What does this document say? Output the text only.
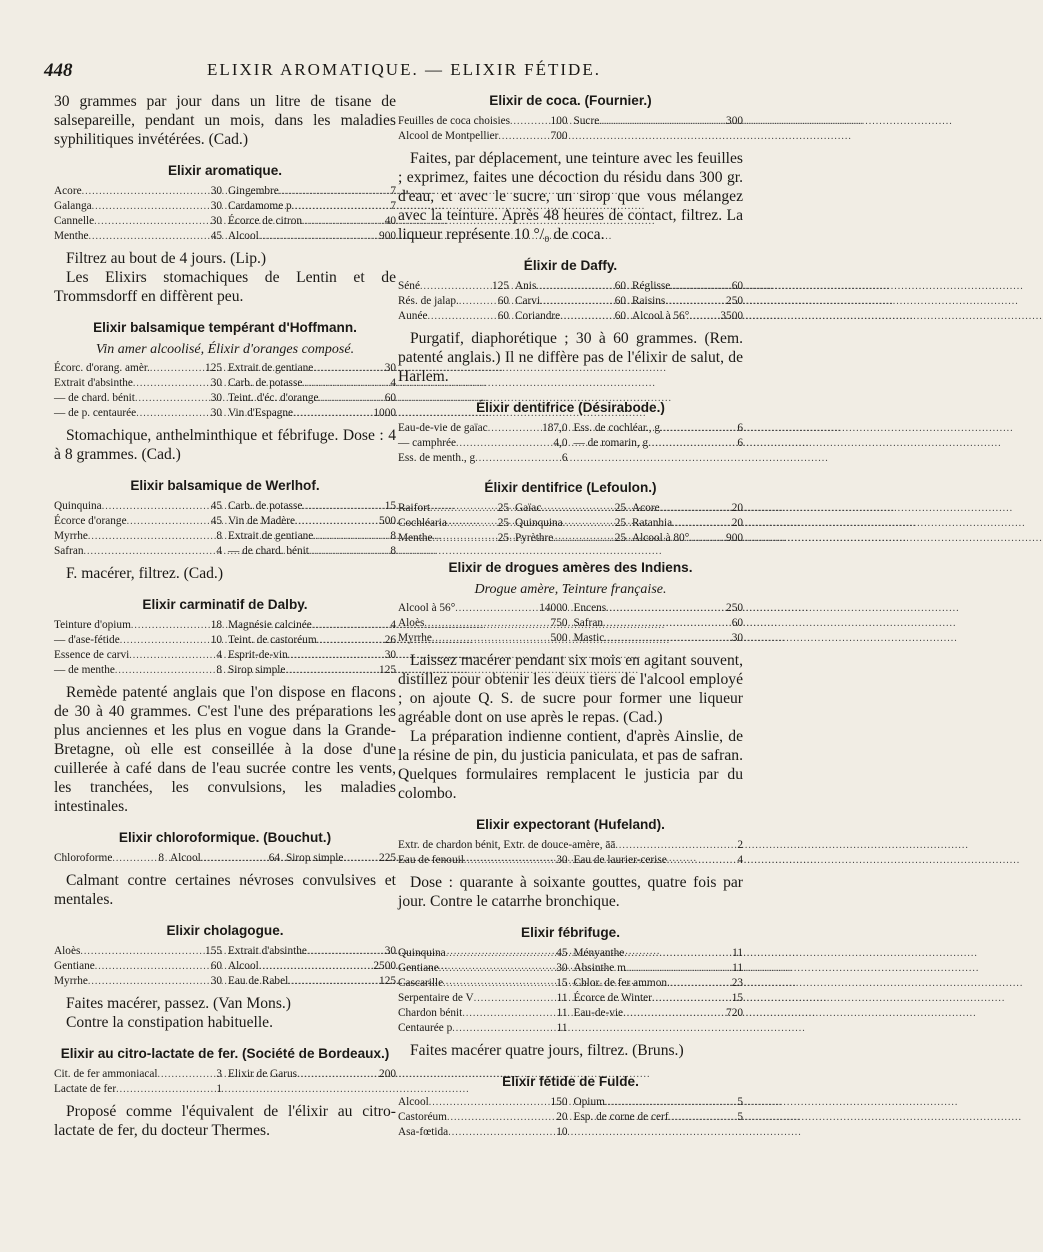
448	ELIXIR AROMATIQUE. — ELIXIR FÉTIDE.

30 grammes par jour dans un litre de tisane de salsepareille, pendant un mois, dans les maladies syphilitiques invétérées. (Cad.)

Elixir aromatique.
Acore .....	30 Gingembre .....	7
Galanga .....	30 Cardamome p .....	7
Cannelle .....	30 Écorce de citron .....	40
Menthe .....	45 Alcool .....	900

Filtrez au bout de 4 jours. (Lip.)

Les Elixirs stomachiques de Lentin et de Trommsdorff en diffèrent peu.

Elixir balsamique tempérant d'Hoffmann.
Vin amer alcoolisé, Élixir d'oranges composé.
Écorc. d'orang. amèr. .....	125 Extrait de gentiane .....	30
Extrait d'absinthe .....	30 Carb. de potasse .....	4
— de chard. bénit .....	30 Teint. d'éc. d'orange .....	60
— de p. centaurée .....	30 Vin d'Espagne .....	1000

Stomachique, anthelminthique et fébrifuge. Dose : 4 à 8 grammes. (Cad.)

Elixir balsamique de Werlhof.
Quinquina .....	45 Carb. de potasse .....	15
Écorce d'orange .....	45 Vin de Madère .....	500
Myrrhe .....	8 Extrait de gentiane .....	8
Safran .....	4 — de chard. bénit .....	8

F. macérer, filtrez. (Cad.)

Elixir carminatif de Dalby.
Teinture d'opium .....	18 Magnésie calcinée .....	4
— d'ase-fétide .....	10 Teint. de castoréum .....	26
Essence de carvi .....	4 Esprit-de-vin .....	30
— de menthe .....	8 Sirop simple .....	125

Remède patenté anglais que l'on dispose en flacons de 30 à 40 grammes. C'est l'une des préparations les plus anciennes et les plus en vogue dans la Grande-Bretagne, où elle est conseillée à la dose d'une cuillerée à café dans de l'eau sucrée contre les vents, les tranchées, les convulsions, les maladies intestinales.

Elixir chloroformique. (Bouchut.)
Chloroforme .....	8 Alcool .....	64 Sirop simple .....	225

Calmant contre certaines névroses convulsives et mentales.

Elixir cholagogue.
Aloès .....	155 Extrait d'absinthe .....	30
Gentiane .....	60 Alcool .....	2500
Myrrhe .....	30 Eau de Rabel .....	125

Faites macérer, passez. (Van Mons.)

Contre la constipation habituelle.

Elixir au citro-lactate de fer. (Société de Bordeaux.)
Cit. de fer ammoniacal .....	3 Elixir de Garus .....	200
Lactate de fer .....	1

Proposé comme l'équivalent de l'élixir au citro-lactate de fer, du docteur Thermes.

Elixir de coca. (Fournier.)
Feuilles de coca choisies .....	100 Sucre .....	300
Alcool de Montpellier .....	700

Faites, par déplacement, une teinture avec les feuilles ; exprimez, faites une décoction du résidu dans 300 gr. d'eau, et avec le sucre, un sirop que vous mélangez avec la teinture. Après 48 heures de contact, filtrez. La liqueur représente 10 °/₀ de coca.

Élixir de Daffy.
Séné .....	125 Anis .....	60 Réglisse .....	60
Rés. de jalap. .....	60 Carvi .....	60 Raisins .....	250
Aunée .....	60 Coriandre .....	60 Alcool à 56° .....	3500

Purgatif, diaphorétique ; 30 à 60 grammes. (Rem. patenté anglais.) Il ne diffère pas de l'élixir de salut, de Harlem.

Élixir dentifrice (Désirabode.)
Eau-de-vie de gaïac .....	187,0 Ess. de cochléar., g .....	6
— camphrée .....	4,0 — de romarin, g .....	6
Ess. de menth., g .....	6
Élixir dentifrice (Lefoulon.)
Raifort .....	25 Gaïac .....	25 Acore .....	20
Cochléaria .....	25 Quinquina .....	25 Ratanhia .....	20
Menthe .....	25 Pyrèthre .....	25 Alcool à 80° .....	900
Elixir de drogues amères des Indiens.
Drogue amère, Teinture française.
Alcool à 56° .....	14000 Encens .....	250
Aloès .....	750 Safran .....	60
Myrrhe .....	500 Mastic .....	30

Laissez macérer pendant six mois en agitant souvent, distillez pour obtenir les deux tiers de l'alcool employé ; on ajoute Q. S. de sucre pour former une liqueur agréable dont on use après le repas. (Cad.)

La préparation indienne contient, d'après Ainslie, de la résine de pin, du justicia paniculata, et pas de safran. Quelques formulaires remplacent le justicia par du colombo.

Elixir expectorant (Hufeland).
Extr. de chardon bénit, Extr. de douce-amère, āā .....	2
Eau de fenouil .....	30 Eau de laurier-cerise .....	4

Dose : quarante à soixante gouttes, quatre fois par jour. Contre le catarrhe bronchique.

Elixir fébrifuge.
Quinquina .....	45 Ményanthe .....	11
Gentiane .....	30 Absinthe m .....	11
Cascarille .....	15 Chlor. de fer ammon. .....	23
Serpentaire de V .....	11 Écorce de Winter .....	15
Chardon bénit .....	11 Eau-de-vie .....	720
Centaurée p .....	11

Faites macérer quatre jours, filtrez. (Bruns.)

Elixir fétide de Fulde.
Alcool .....	150 Opium .....	5
Castoréum .....	20 Esp. de corne de cerf .....	5
Asa-fœtida .....	10
